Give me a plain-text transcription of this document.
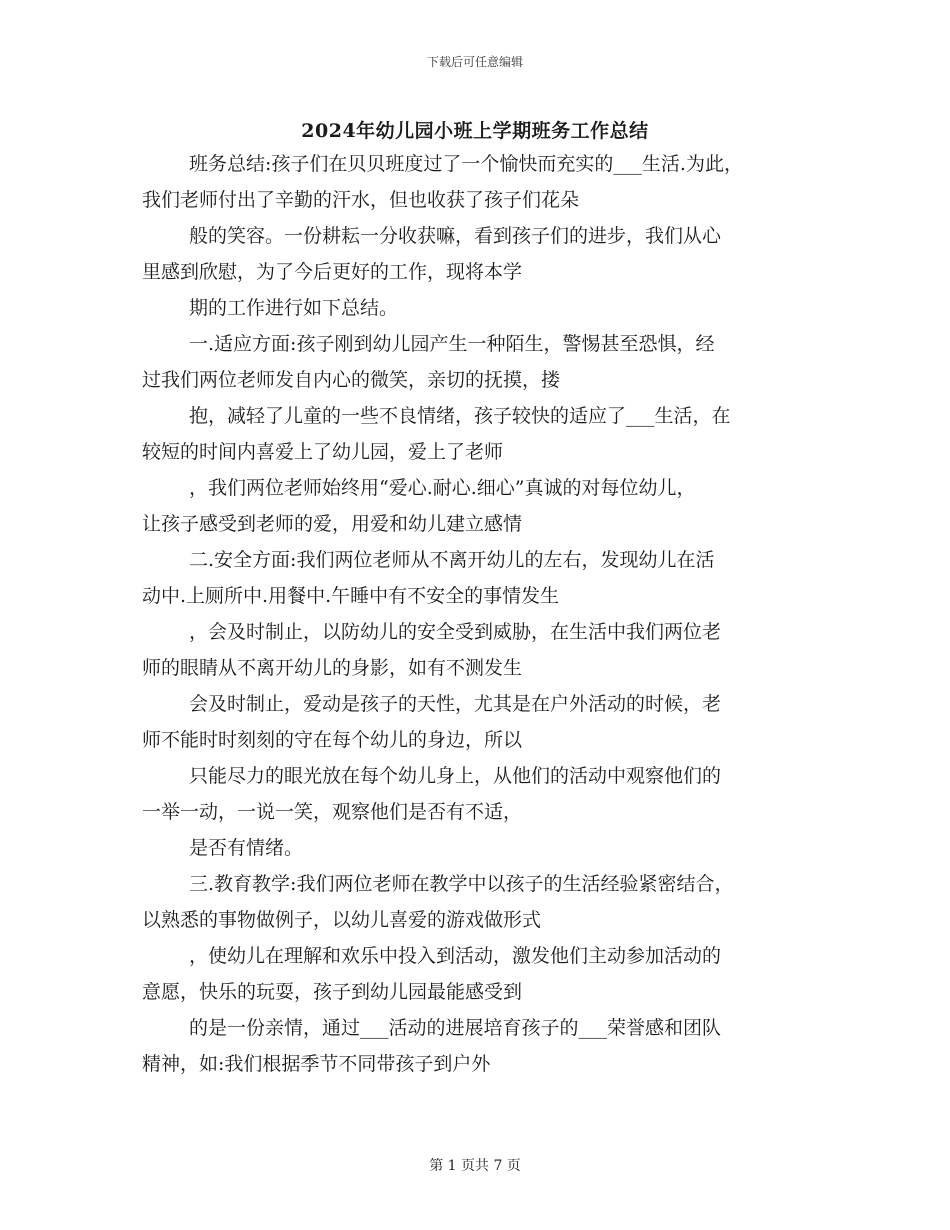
下载后可任意编辑
2024年幼儿园小班上学期班务工作总结
班务总结:孩子们在贝贝班度过了一个愉快而充实的___生活.为此，
我们老师付出了辛勤的汗水，但也收获了孩子们花朵
般的笑容。一份耕耘一分收获嘛，看到孩子们的进步，我们从心
里感到欣慰，为了今后更好的工作，现将本学
期的工作进行如下总结。
一.适应方面:孩子刚到幼儿园产生一种陌生，警惕甚至恐惧，经
过我们两位老师发自内心的微笑，亲切的抚摸，搂
抱，减轻了儿童的一些不良情绪，孩子较快的适应了___生活，在
较短的时间内喜爱上了幼儿园，爱上了老师
，我们两位老师始终用“爱心.耐心.细心”真诚的对每位幼儿，
让孩子感受到老师的爱，用爱和幼儿建立感情
二.安全方面:我们两位老师从不离开幼儿的左右，发现幼儿在活
动中.上厕所中.用餐中.午睡中有不安全的事情发生
，会及时制止，以防幼儿的安全受到威胁，在生活中我们两位老
师的眼睛从不离开幼儿的身影，如有不测发生
会及时制止，爱动是孩子的天性，尤其是在户外活动的时候，老
师不能时时刻刻的守在每个幼儿的身边，所以
只能尽力的眼光放在每个幼儿身上，从他们的活动中观察他们的
一举一动，一说一笑，观察他们是否有不适，
是否有情绪。
三.教育教学:我们两位老师在教学中以孩子的生活经验紧密结合，
以熟悉的事物做例子，以幼儿喜爱的游戏做形式
，使幼儿在理解和欢乐中投入到活动，激发他们主动参加活动的
意愿，快乐的玩耍，孩子到幼儿园最能感受到
的是一份亲情，通过___活动的进展培育孩子的___荣誉感和团队
精神，如:我们根据季节不同带孩子到户外
第 1 页共 7 页
